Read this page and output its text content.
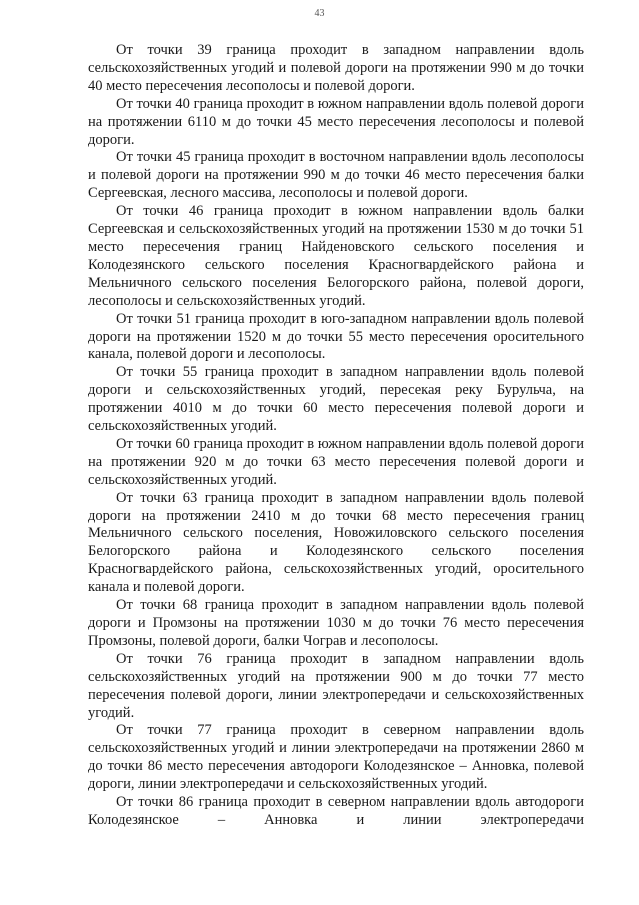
43

От точки 39 граница проходит в западном направлении вдоль сельскохозяйственных угодий и полевой дороги на протяжении 990 м до точки 40 место пересечения лесополосы и полевой дороги.

От точки 40 граница проходит в южном направлении вдоль полевой дороги на протяжении 6110 м до точки 45 место пересечения лесополосы и полевой дороги.

От точки 45 граница проходит в восточном направлении вдоль лесополосы и полевой дороги на протяжении 990 м до точки 46 место пересечения балки Сергеевская, лесного массива, лесополосы и полевой дороги.

От точки 46 граница проходит в южном направлении вдоль балки Сергеевская и сельскохозяйственных угодий на протяжении 1530 м до точки 51 место пересечения границ Найденовского сельского поселения и Колодезянского сельского поселения Красногвардейского района и Мельничного сельского поселения Белогорского района, полевой дороги, лесополосы и сельскохозяйственных угодий.

От точки 51 граница проходит в юго-западном направлении вдоль полевой дороги на протяжении 1520 м до точки 55 место пересечения оросительного канала, полевой дороги и лесополосы.

От точки 55 граница проходит в западном направлении вдоль полевой дороги и сельскохозяйственных угодий, пересекая реку Бурульча, на протяжении 4010 м до точки 60 место пересечения полевой дороги и сельскохозяйственных угодий.

От точки 60 граница проходит в южном направлении вдоль полевой дороги на протяжении 920 м до точки 63 место пересечения полевой дороги и сельскохозяйственных угодий.

От точки 63 граница проходит в западном направлении вдоль полевой дороги на протяжении 2410 м до точки 68 место пересечения границ Мельничного сельского поселения, Новожиловского сельского поселения Белогорского района и Колодезянского сельского поселения Красногвардейского района, сельскохозяйственных угодий, оросительного канала и полевой дороги.

От точки 68 граница проходит в западном направлении вдоль полевой дороги и Промзоны на протяжении 1030 м до точки 76 место пересечения Промзоны, полевой дороги, балки Чограв и лесополосы.

От точки 76 граница проходит в западном направлении вдоль сельскохозяйственных угодий на протяжении 900 м до точки 77 место пересечения полевой дороги, линии электропередачи и сельскохозяйственных угодий.

От точки 77 граница проходит в северном направлении вдоль сельскохозяйственных угодий и линии электропередачи на протяжении 2860 м до точки 86 место пересечения автодороги Колодезянское – Анновка, полевой дороги, линии электропередачи и сельскохозяйственных угодий.

От точки 86 граница проходит в северном направлении вдоль автодороги Колодезянское – Анновка и линии электропередачи
